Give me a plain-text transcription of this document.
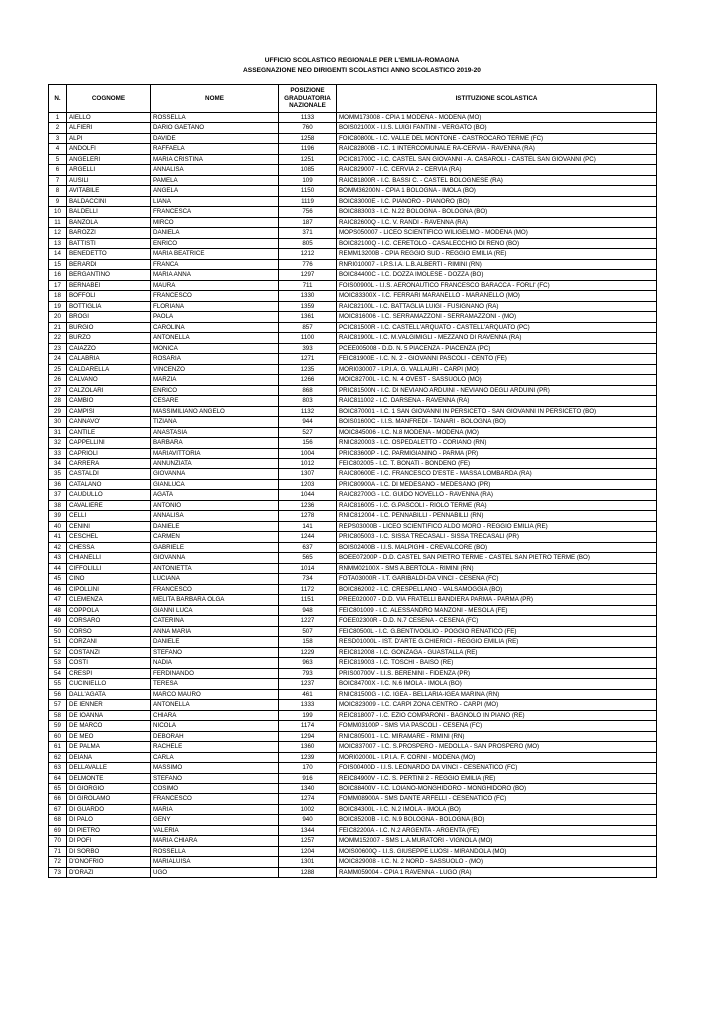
UFFICIO SCOLASTICO REGIONALE PER L'EMILIA-ROMAGNA
ASSEGNAZIONE NEO DIRIGENTI SCOLASTICI ANNO SCOLASTICO 2019-20
N.	COGNOME	NOME	POSIZIONE GRADUATORIA NAZIONALE	ISTITUZIONE SCOLASTICA
1	AIELLO	ROSSELLA	1133	MOMM173008 - CPIA 1 MODENA - MODENA (MO)
2	ALFIERI	DARIO GAETANO	760	BOIS02100X - I.I.S. LUIGI FANTINI - VERGATO (BO)
3	ALPI	DAVIDE	1258	FOIC80800L - I.C. VALLE DEL MONTONE - CASTROCARO TERME (FC)
4	ANDOLFI	RAFFAELA	1196	RAIC82800B - I.C. 1 INTERCOMUNALE RA-CERVIA - RAVENNA (RA)
5	ANGELERI	MARIA CRISTINA	1251	PCIC81700C - I.C. CASTEL SAN GIOVANNI - A. CASAROLI - CASTEL SAN GIOVANNI (PC)
6	ARGELLI	ANNALISA	1085	RAIC829007 - I.C. CERVIA 2 - CERVIA (RA)
7	AUSILI	PAMELA	109	RAIC81800R - I.C. BASSI C. - CASTEL BOLOGNESE (RA)
8	AVITABILE	ANGELA	1150	BOMM36200N - CPIA 1 BOLOGNA - IMOLA (BO)
9	BALDACCINI	LIANA	1119	BOIC83000E - I.C. PIANORO - PIANORO (BO)
10	BALDELLI	FRANCESCA	756	BOIC883003 - I.C. N.22 BOLOGNA - BOLOGNA (BO)
11	BANZOLA	MIRCO	187	RAIC82600Q - I.C. V. RANDI - RAVENNA (RA)
12	BAROZZI	DANIELA	371	MOPS050007 - LICEO SCIENTIFICO WILIGELMO - MODENA (MO)
13	BATTISTI	ENRICO	805	BOIC82100Q - I.C. CERETOLO - CASALECCHIO DI RENO (BO)
14	BENEDETTO	MARIA BEATRICE	1212	REMM13200B - CPIA REGGIO SUD - REGGIO EMILIA (RE)
15	BERARDI	FRANCA	776	RNRI010007 - I.P.S.I.A. L.B.ALBERTI - RIMINI (RN)
16	BERGANTINO	MARIA ANNA	1297	BOIC84400C - I.C. DOZZA IMOLESE - DOZZA (BO)
17	BERNABEI	MAURA	711	FOIS00900L - I.I.S. AERONAUTICO FRANCESCO BARACCA - FORLI' (FC)
18	BOFFOLI	FRANCESCO	1330	MOIC83300X - I.C. FERRARI MARANELLO - MARANELLO (MO)
19	BOTTIGLIA	FLORIANA	1359	RAIC82100L - I.C. BATTAGLIA LUIGI - FUSIGNANO (RA)
20	BROGI	PAOLA	1361	MOIC816006 - I.C. SERRAMAZZONI - SERRAMAZZONI - (MO)
21	BURGIO	CAROLINA	857	PCIC81500R - I.C. CASTELL'ARQUATO - CASTELL'ARQUATO (PC)
22	BURZO	ANTONELLA	1100	RAIC81900L - I.C. M.VALGIMIGLI - MEZZANO DI RAVENNA (RA)
23	CAIAZZO	MONICA	393	PCEE005008 - D.D. N. 5 PIACENZA - PIACENZA (PC)
24	CALABRIA	ROSARIA	1271	FEIC81900E - I.C. N. 2 - GIOVANNI PASCOLI - CENTO (FE)
25	CALDARELLA	VINCENZO	1235	MORI030007 - I.P.I.A. G. VALLAURI - CARPI (MO)
26	CALVANO	MARZIA	1266	MOIC82700L - I.C. N. 4 OVEST - SASSUOLO (MO)
27	CALZOLARI	ENRICO	868	PRIC81500N - I.C. DI NEVIANO ARDUINI - NEVIANO DEGLI ARDUINI (PR)
28	CAMBIO	CESARE	803	RAIC811002 - I.C. DARSENA - RAVENNA (RA)
29	CAMPISI	MASSIMILIANO ANGELO	1132	BOIC870001 - I.C. 1 SAN GIOVANNI IN PERSICETO - SAN GIOVANNI IN PERSICETO (BO)
30	CANNAVO'	TIZIANA	944	BOIS01600C - I.I.S. MANFREDI - TANARI - BOLOGNA (BO)
31	CANTILE	ANASTASIA	527	MOIC845006 - I.C. N.8 MODENA - MODENA (MO)
32	CAPPELLINI	BARBARA	156	RNIC820003 - I.C. OSPEDALETTO - CORIANO (RN)
33	CAPRIOLI	MARIAVITTORIA	1004	PRIC83600P - I.C. PARMIGIANINO - PARMA (PR)
34	CARRERA	ANNUNZIATA	1012	FEIC802005 - I.C. T. BONATI - BONDENO (FE)
35	CASTALDI	GIOVANNA	1307	RAIC80600E - I.C. FRANCESCO D'ESTE - MASSA LOMBARDA (RA)
36	CATALANO	GIANLUCA	1203	PRIC80900A - I.C. DI MEDESANO - MEDESANO (PR)
37	CAUDULLO	AGATA	1044	RAIC82700G - I.C. GUIDO NOVELLO - RAVENNA (RA)
38	CAVALIERE	ANTONIO	1236	RAIC816005 - I.C. G.PASCOLI - RIOLO TERME (RA)
39	CELLI	ANNALISA	1278	RNIC812004 - I.C. PENNABILLI - PENNABILLI (RN)
40	CENINI	DANIELE	141	REPS03000B - LICEO SCIENTIFICO ALDO MORO - REGGIO EMILIA (RE)
41	CESCHEL	CARMEN	1244	PRIC805003 - I.C. SISSA TRECASALI - SISSA TRECASALI (PR)
42	CHESSA	GABRIELE	637	BOIS02400B - I.I.S. MALPIGHI - CREVALCORE (BO)
43	CHIANELLI	GIOVANNA	565	BOEE07200P - D.D. CASTEL SAN PIETRO TERME - CASTEL SAN PIETRO TERME (BO)
44	CIFFOLILLI	ANTONIETTA	1014	RNMM02100X - SMS A.BERTOLA - RIMINI (RN)
45	CINO	LUCIANA	734	FOTA03000R - I.T. GARIBALDI-DA VINCI - CESENA (FC)
46	CIPOLLINI	FRANCESCO	1172	BOIC862002 - I.C. CRESPELLANO - VALSAMOGGIA (BO)
47	CLEMENZA	MELITA BARBARA OLGA	1151	PREE020007 - D.D. VIA FRATELLI BANDIERA PARMA - PARMA (PR)
48	COPPOLA	GIANNI LUCA	948	FEIC801009 - I.C. ALESSANDRO MANZONI - MESOLA (FE)
49	CORSARO	CATERINA	1227	FOEE02300R - D.D. N.7 CESENA - CESENA (FC)
50	CORSO	ANNA MARIA	507	FEIC80500L - I.C. G.BENTIVOGLIO - POGGIO RENATICO (FE)
51	CORZANI	DANIELE	158	RESD01000L - IST. D'ARTE G.CHIERICI - REGGIO EMILIA (RE)
52	COSTANZI	STEFANO	1229	REIC812008 - I.C. GONZAGA - GUASTALLA (RE)
53	COSTI	NADIA	963	REIC819003 - I.C. TOSCHI - BAISO (RE)
54	CRESPI	FERDINANDO	793	PRIS00700V - I.I.S. BERENINI - FIDENZA (PR)
55	CUCINIELLO	TERESA	1237	BOIC84700X - I.C. N.6 IMOLA - IMOLA (BO)
56	DALL'AGATA	MARCO MAURO	461	RNIC81500G - I.C. IGEA - BELLARIA-IGEA MARINA (RN)
57	DE IENNER	ANTONELLA	1333	MOIC823009 - I.C. CARPI ZONA CENTRO - CARPI (MO)
58	DE IOANNA	CHIARA	199	REIC818007 - I.C. EZIO COMPARONI - BAGNOLO IN PIANO (RE)
59	DE MARCO	NICOLA	1174	FOMM03100P - SMS VIA PASCOLI - CESENA (FC)
60	DE MEO	DEBORAH	1294	RNIC805001 - I.C. MIRAMARE - RIMINI (RN)
61	DE PALMA	RACHELE	1360	MOIC837007 - I.C. S.PROSPERO - MEDOLLA - SAN PROSPERO (MO)
62	DEIANA	CARLA	1239	MORI02000L - I.P.I.A. F. CORNI - MODENA (MO)
63	DELLAVALLE	MASSIMO	170	FOIS00400D - I.I.S. LEONARDO DA VINCI - CESENATICO (FC)
64	DELMONTE	STEFANO	916	REIC84900V - I.C. S. PERTINI 2 - REGGIO EMILIA (RE)
65	DI GIORGIO	COSIMO	1340	BOIC88400V - I.C. LOIANO-MONGHIDORO - MONGHIDORO (BO)
66	DI GIROLAMO	FRANCESCO	1274	FOMM08900A - SMS DANTE ARFELLI - CESENATICO (FC)
67	DI GUARDO	MARIA	1002	BOIC84300L - I.C. N.2 IMOLA - IMOLA (BO)
68	DI PALO	GENY	940	BOIC85200B - I.C. N.9 BOLOGNA - BOLOGNA (BO)
69	DI PIETRO	VALERIA	1344	FEIC82200A - I.C. N.2 ARGENTA - ARGENTA (FE)
70	DI POFI	MARIA CHIARA	1257	MOMM152007 - SMS L.A.MURATORI - VIGNOLA (MO)
71	DI SORBO	ROSSELLA	1204	MOIS00600Q - I.I.S. GIUSEPPE LUOSI - MIRANDOLA (MO)
72	D'ONOFRIO	MARIALUISA	1301	MOIC829008 - I.C. N. 2 NORD - SASSUOLO - (MO)
73	D'ORAZI	UGO	1288	RAMM059004 - CPIA 1 RAVENNA - LUGO (RA)
